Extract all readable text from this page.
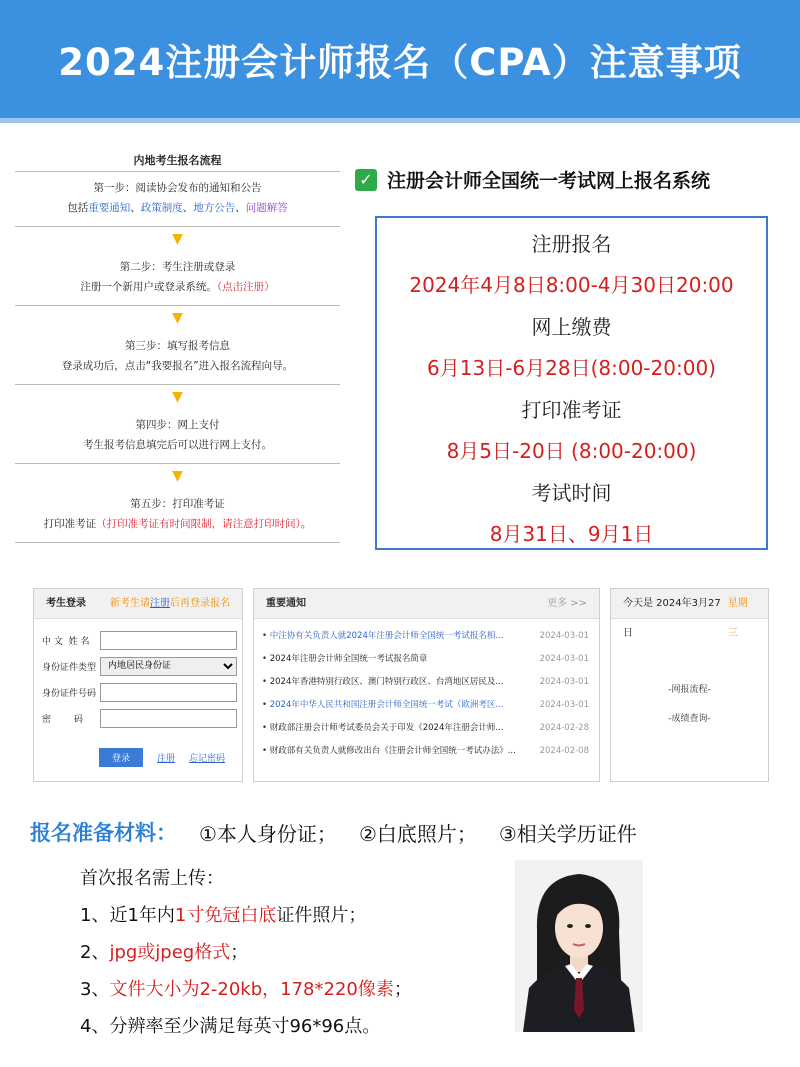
2024注册会计师报名（CPA）注意事项
内地考生报名流程
第一步：阅读协会发布的通知和公告
包括重要通知、政策制度、地方公告、问题解答
▼
第二步：考生注册或登录
注册一个新用户或登录系统。（点击注册）
▼
第三步：填写报考信息
登录成功后，点击“我要报名”进入报名流程向导。
▼
第四步：网上支付
考生报考信息填完后可以进行网上支付。
▼
第五步：打印准考证
打印准考证（打印准考证有时间限制，请注意打印时间）。
✓ 注册会计师全国统一考试网上报名系统
注册报名
2024年4月8日8:00-4月30日20:00
网上缴费
6月13日-6月28日(8:00-20:00)
打印准考证
8月5日-20日 (8:00-20:00)
考试时间
8月31日、9月1日
考生登录 新考生请注册后再登录报名
中 文  姓 名
身份证件类型
内地居民身份证
身份证件号码
密        码
登录	注册 忘记密码
重要通知	更多 >>
• 中注协有关负责人就2024年注册会计师全国统一考试报名相...	2024-03-01
• 2024年注册会计师全国统一考试报名简章	2024-03-01
• 2024年香港特别行政区、澳门特别行政区、台湾地区居民及...	2024-03-01
• 2024年中华人民共和国注册会计师全国统一考试（欧洲考区...	2024-03-01
• 财政部注册会计师考试委员会关于印发《2024年注册会计师...	2024-02-28
• 财政部有关负责人就修改出台《注册会计师全国统一考试办法》...	2024-02-08
今天是 2024年3月27日

星期三
-网报流程-
-成绩查询-
报名准备材料： ①本人身份证； ②白底照片； ③相关学历证件
首次报名需上传：
1、近1年内1寸免冠白底证件照片；
2、jpg或jpeg格式；
3、文件大小为2-20kb，178*220像素；
4、分辨率至少满足每英寸96*96点。
